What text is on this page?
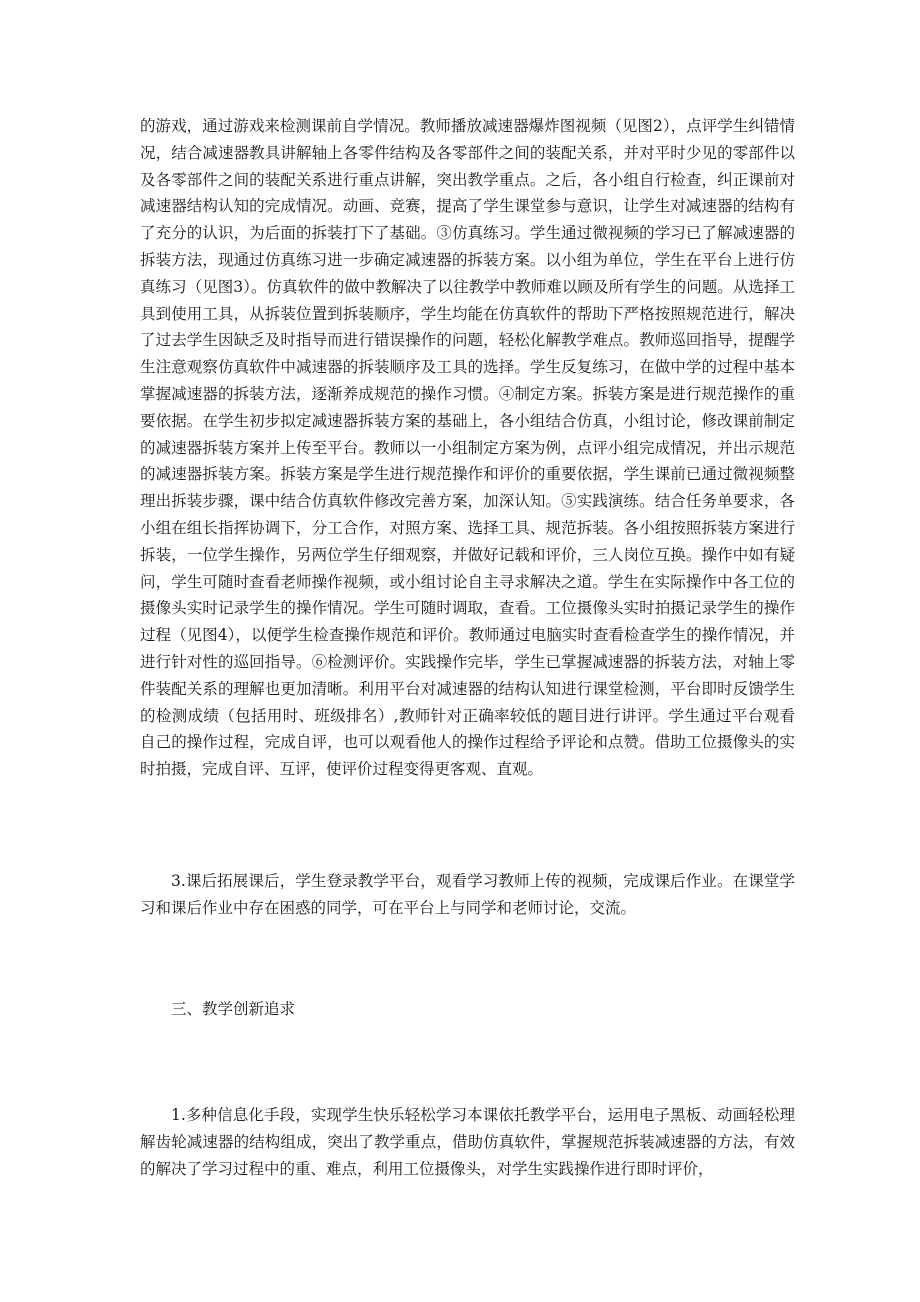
的游戏，通过游戏来检测课前自学情况。教师播放减速器爆炸图视频（见图2），点评学生纠错情况，结合减速器教具讲解轴上各零件结构及各零部件之间的装配关系，并对平时少见的零部件以及各零部件之间的装配关系进行重点讲解，突出教学重点。之后，各小组自行检查，纠正课前对减速器结构认知的完成情况。动画、竞赛，提高了学生课堂参与意识，让学生对减速器的结构有了充分的认识，为后面的拆装打下了基础。③仿真练习。学生通过微视频的学习已了解减速器的拆装方法，现通过仿真练习进一步确定减速器的拆装方案。以小组为单位，学生在平台上进行仿真练习（见图3）。仿真软件的做中教解决了以往教学中教师难以顾及所有学生的问题。从选择工具到使用工具，从拆装位置到拆装顺序，学生均能在仿真软件的帮助下严格按照规范进行，解决了过去学生因缺乏及时指导而进行错误操作的问题，轻松化解教学难点。教师巡回指导，提醒学生注意观察仿真软件中减速器的拆装顺序及工具的选择。学生反复练习，在做中学的过程中基本掌握减速器的拆装方法，逐渐养成规范的操作习惯。④制定方案。拆装方案是进行规范操作的重要依据。在学生初步拟定减速器拆装方案的基础上，各小组结合仿真，小组讨论，修改课前制定的减速器拆装方案并上传至平台。教师以一小组制定方案为例，点评小组完成情况，并出示规范的减速器拆装方案。拆装方案是学生进行规范操作和评价的重要依据，学生课前已通过微视频整理出拆装步骤，课中结合仿真软件修改完善方案，加深认知。⑤实践演练。结合任务单要求，各小组在组长指挥协调下，分工合作，对照方案、选择工具、规范拆装。各小组按照拆装方案进行拆装，一位学生操作，另两位学生仔细观察，并做好记载和评价，三人岗位互换。操作中如有疑问，学生可随时查看老师操作视频，或小组讨论自主寻求解决之道。学生在实际操作中各工位的摄像头实时记录学生的操作情况。学生可随时调取，查看。工位摄像头实时拍摄记录学生的操作过程（见图4），以便学生检查操作规范和评价。教师通过电脑实时查看检查学生的操作情况，并进行针对性的巡回指导。⑥检测评价。实践操作完毕，学生已掌握减速器的拆装方法，对轴上零件装配关系的理解也更加清晰。利用平台对减速器的结构认知进行课堂检测，平台即时反馈学生的检测成绩（包括用时、班级排名）,教师针对正确率较低的题目进行讲评。学生通过平台观看自己的操作过程，完成自评，也可以观看他人的操作过程给予评论和点赞。借助工位摄像头的实时拍摄，完成自评、互评，使评价过程变得更客观、直观。

3.课后拓展课后，学生登录教学平台，观看学习教师上传的视频，完成课后作业。在课堂学习和课后作业中存在困惑的同学，可在平台上与同学和老师讨论，交流。

三、教学创新追求

1.多种信息化手段，实现学生快乐轻松学习本课依托教学平台，运用电子黑板、动画轻松理解齿轮减速器的结构组成，突出了教学重点，借助仿真软件，掌握规范拆装减速器的方法，有效的解决了学习过程中的重、难点，利用工位摄像头，对学生实践操作进行即时评价，
